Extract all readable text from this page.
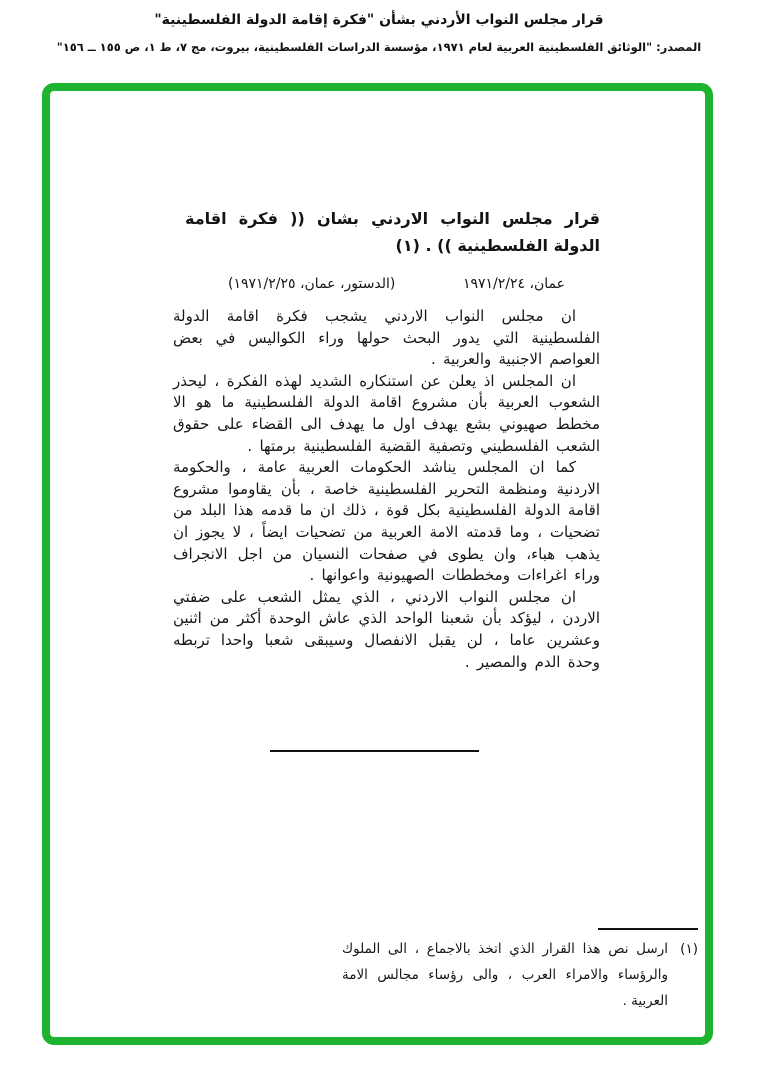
قرار مجلس النواب الأردني بشأن "فكرة إقامة الدولة الفلسطينية"
المصدر: "الوثائق الفلسطينية العربية لعام ١٩٧١، مؤسسة الدراسات الفلسطينية، بيروت، مج ٧، ط ١، ص ١٥٥ ــ ١٥٦"
قرار مجلس النواب الاردني بشان (( فكرة اقامة الدولة الفلسطينية )) . (١)
عمان، ١٩٧١/٢/٢٤
(الدستور، عمان، ١٩٧١/٢/٢٥)

ان مجلس النواب الاردني يشجب فكرة اقامة الدولة الفلسطينية التي يدور البحث حولها وراء الكواليس في بعض العواصم الاجنبية والعربية .

ان المجلس اذ يعلن عن استنكاره الشديد لهذه الفكرة ، ليحذر الشعوب العربية بأن مشروع اقامة الدولة الفلسطينية ما هو الا مخطط صهيوني بشع يهدف اول ما يهدف الى القضاء على حقوق الشعب الفلسطيني وتصفية القضية الفلسطينية برمتها .

كما ان المجلس يناشد الحكومات العربية عامة ، والحكومة الاردنية ومنظمة التحرير الفلسطينية خاصة ، بأن يقاوموا مشروع اقامة الدولة الفلسطينية بكل قوة ، ذلك ان ما قدمه هذا البلد من تضحيات ، وما قدمته الامة العربية من تضحيات ايضاً ، لا يجوز ان يذهب هباء، وان يطوى في صفحات النسيان من اجل الانجراف وراء اغراءات ومخططات الصهيونية واعوانها .

ان مجلس النواب الاردني ، الذي يمثل الشعب على ضفتي الاردن ، ليؤكد بأن شعبنا الواحد الذي عاش الوحدة أكثر من اثنين وعشرين عاما ، لن يقبل الانفصال وسيبقى شعبا واحدا تربطه وحدة الدم والمصير .

(١)
ارسل نص هذا القرار الذي اتخذ بالاجماع ، الى الملوك والرؤساء والامراء العرب ، والى رؤساء مجالس الامة العربية .
